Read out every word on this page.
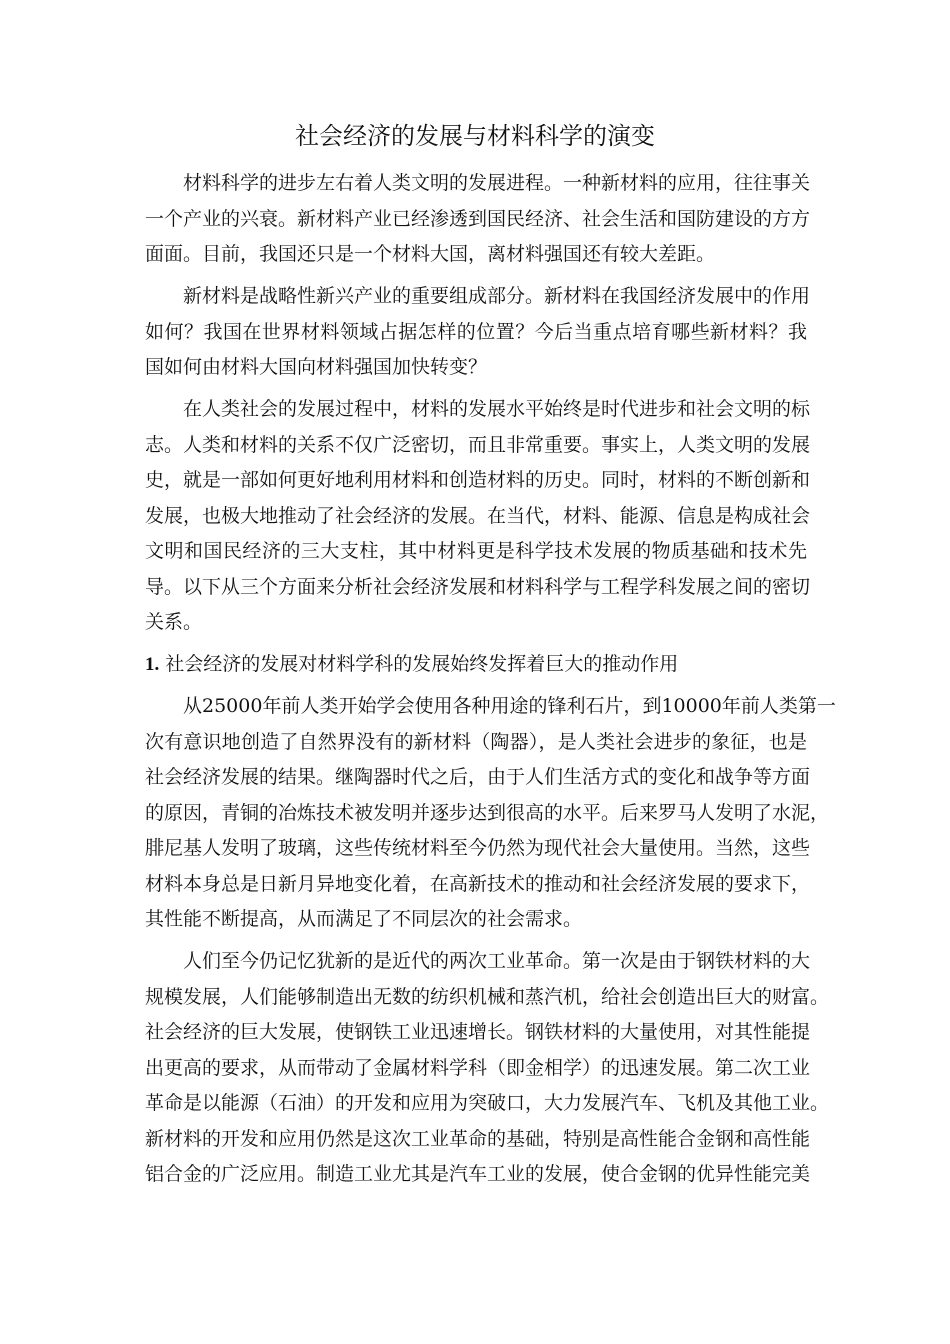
社会经济的发展与材料科学的演变
材料科学的进步左右着人类文明的发展进程。一种新材料的应用，往往事关
一个产业的兴衰。新材料产业已经渗透到国民经济、社会生活和国防建设的方方
面面。目前，我国还只是一个材料大国，离材料强国还有较大差距。
新材料是战略性新兴产业的重要组成部分。新材料在我国经济发展中的作用
如何？我国在世界材料领域占据怎样的位置？今后当重点培育哪些新材料？我
国如何由材料大国向材料强国加快转变？
在人类社会的发展过程中，材料的发展水平始终是时代进步和社会文明的标
志。人类和材料的关系不仅广泛密切，而且非常重要。事实上，人类文明的发展
史，就是一部如何更好地利用材料和创造材料的历史。同时，材料的不断创新和
发展，也极大地推动了社会经济的发展。在当代，材料、能源、信息是构成社会
文明和国民经济的三大支柱，其中材料更是科学技术发展的物质基础和技术先
导。以下从三个方面来分析社会经济发展和材料科学与工程学科发展之间的密切
关系。
1. 社会经济的发展对材料学科的发展始终发挥着巨大的推动作用
从25000年前人类开始学会使用各种用途的锋利石片，到10000年前人类第一
次有意识地创造了自然界没有的新材料（陶器），是人类社会进步的象征，也是
社会经济发展的结果。继陶器时代之后，由于人们生活方式的变化和战争等方面
的原因，青铜的冶炼技术被发明并逐步达到很高的水平。后来罗马人发明了水泥，
腓尼基人发明了玻璃，这些传统材料至今仍然为现代社会大量使用。当然，这些
材料本身总是日新月异地变化着，在高新技术的推动和社会经济发展的要求下，
其性能不断提高，从而满足了不同层次的社会需求。
人们至今仍记忆犹新的是近代的两次工业革命。第一次是由于钢铁材料的大
规模发展，人们能够制造出无数的纺织机械和蒸汽机，给社会创造出巨大的财富。
社会经济的巨大发展，使钢铁工业迅速增长。钢铁材料的大量使用，对其性能提
出更高的要求，从而带动了金属材料学科（即金相学）的迅速发展。第二次工业
革命是以能源（石油）的开发和应用为突破口，大力发展汽车、飞机及其他工业。
新材料的开发和应用仍然是这次工业革命的基础，特别是高性能合金钢和高性能
铝合金的广泛应用。制造工业尤其是汽车工业的发展，使合金钢的优异性能完美
